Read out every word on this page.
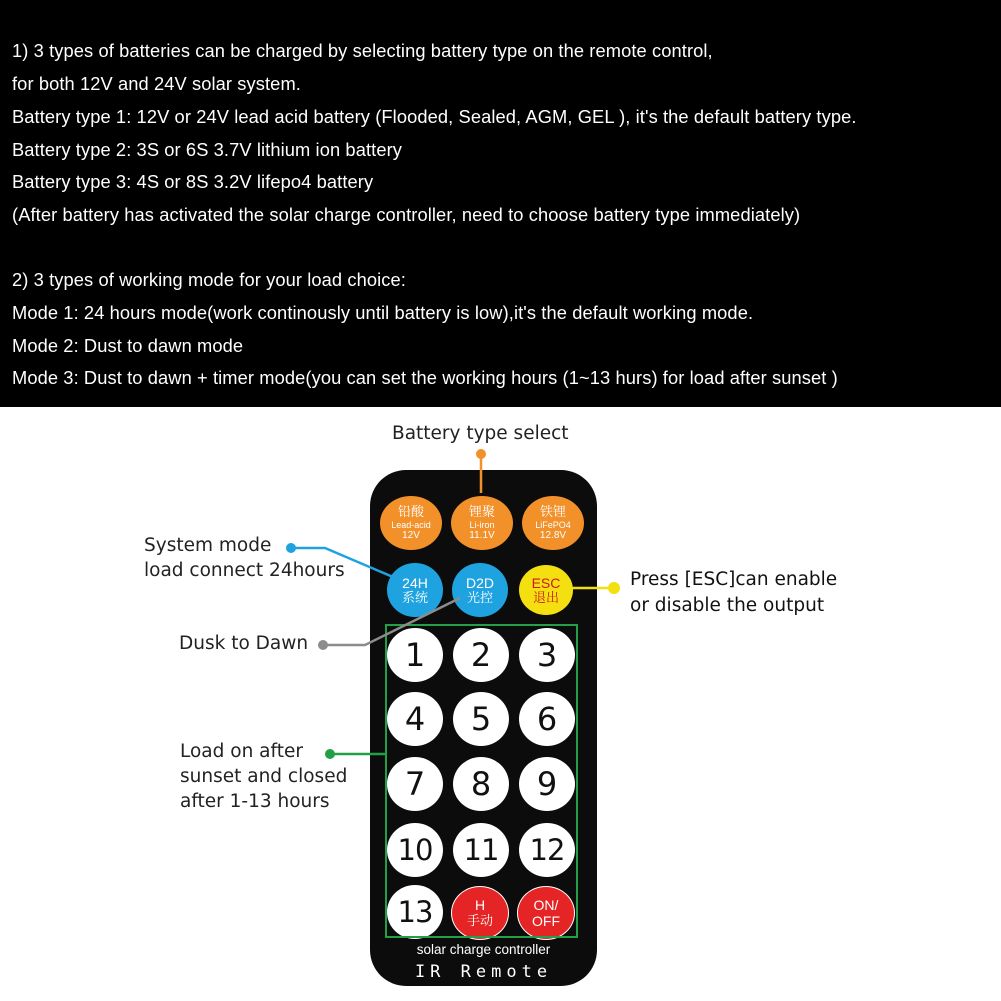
1) 3 types of batteries can be charged by selecting battery type on the remote control,
for both 12V and 24V solar system.
Battery type 1: 12V or 24V lead acid battery (Flooded, Sealed, AGM, GEL ), it's the default battery type.
Battery type 2: 3S or 6S 3.7V lithium ion battery
Battery type 3: 4S or 8S 3.2V lifepo4 battery
(After battery has activated the solar charge controller, need to choose battery type immediately)
2) 3 types of working mode for your load choice:
Mode 1: 24 hours mode(work continously until battery is low),it's the default working mode.
Mode 2: Dust to dawn mode
Mode 3: Dust to dawn + timer mode(you can set the working hours (1~13 hurs) for load after sunset )
Battery type select
System mode
load connect 24hours
Dusk to Dawn
Load on after
sunset and closed
after 1-13 hours
Press [ESC]can enable
or disable the output
铅酸
Lead-acid
12V
锂聚
Li-iron
11.1V
铁锂
LiFePO4
12.8V
24H
系统
D2D
光控
ESC
退出
1	2	3
4	5	6
7	8	9
10	11	12
13	H
手动
ON/
OFF
solar charge controller
IR Remote
